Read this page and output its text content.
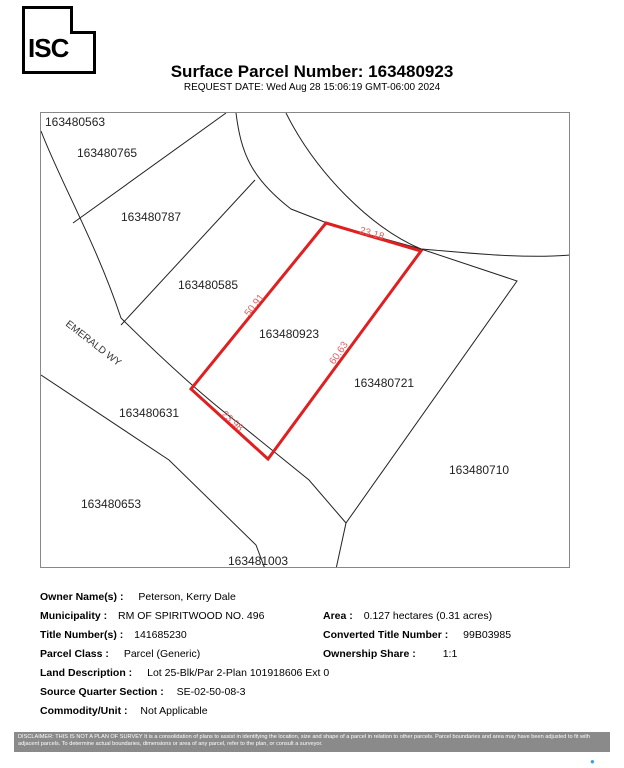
ISC
Surface Parcel Number: 163480923
REQUEST DATE: Wed Aug 28 15:06:19 GMT-06:00 2024
163480563
163480765
163480787
163480585
163480923
163480721
163480710
163480631
163480653
163481003
EMERALD WY
23.18
50.91
60.63
23.98
Owner Name(s) : Peterson, Kerry Dale
Municipality : RM OF SPIRITWOOD NO. 496	Area : 0.127 hectares (0.31 acres)
Title Number(s) : 141685230	Converted Title Number : 99B03985
Parcel Class : Parcel (Generic)	Ownership Share :	1:1
Land Description : Lot 25-Blk/Par 2-Plan 101918606 Ext 0
Source Quarter Section : SE-02-50-08-3
Commodity/Unit : Not Applicable
DISCLAIMER: THIS IS NOT A PLAN OF SURVEY It is a consolidation of plans to assist in identifying the location, size and shape of a parcel in relation to other parcels. Parcel boundaries and area may have been adjusted to fit with adjacent parcels. To determine actual boundaries, dimensions or area of any parcel, refer to the plan, or consult a surveyor.
●
